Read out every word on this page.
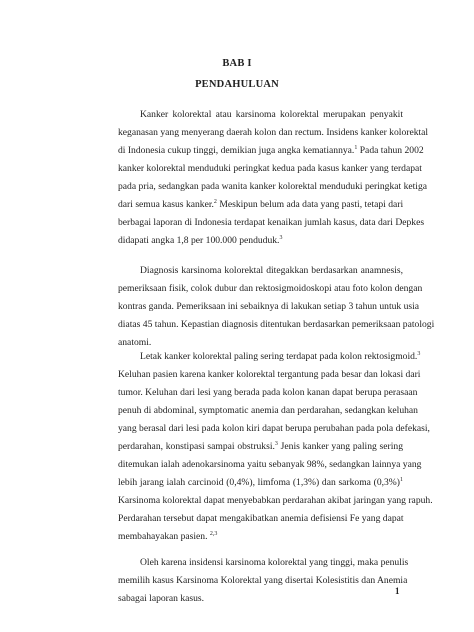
BAB I
PENDAHULUAN
Kanker kolorektal atau karsinoma kolorektal merupakan penyakit
keganasan yang menyerang daerah kolon dan rectum. Insidens kanker kolorektal
di Indonesia cukup tinggi, demikian juga angka kematiannya.$^1$ Pada tahun 2002
kanker kolorektal menduduki peringkat kedua pada kasus kanker yang terdapat
pada pria, sedangkan pada wanita kanker kolorektal menduduki peringkat ketiga
dari semua kasus kanker.$^2$ Meskipun belum ada data yang pasti, tetapi dari
berbagai laporan di Indonesia terdapat kenaikan jumlah kasus, data dari Depkes
didapati angka 1,8 per 100.000 penduduk.$^3$
Diagnosis karsinoma kolorektal ditegakkan berdasarkan anamnesis,
pemeriksaan fisik, colok dubur dan rektosigmoidoskopi atau foto kolon dengan
kontras ganda. Pemeriksaan ini sebaiknya di lakukan setiap 3 tahun untuk usia
diatas 45 tahun. Kepastian diagnosis ditentukan berdasarkan pemeriksaan patologi
anatomi.
Letak kanker kolorektal paling sering terdapat pada kolon rektosigmoid.$^3$
Keluhan pasien karena kanker kolorektal tergantung pada besar dan lokasi dari
tumor. Keluhan dari lesi yang berada pada kolon kanan dapat berupa perasaan
penuh di abdominal, symptomatic anemia dan perdarahan, sedangkan keluhan
yang berasal dari lesi pada kolon kiri dapat berupa perubahan pada pola defekasi,
perdarahan, konstipasi sampai obstruksi.$^3$ Jenis kanker yang paling sering
ditemukan ialah adenokarsinoma yaitu sebanyak 98%, sedangkan lainnya yang
lebih jarang ialah carcinoid (0,4%), limfoma (1,3%) dan sarkoma $(0,3\%)^1$
Karsinoma kolorektal dapat menyebabkan perdarahan akibat jaringan yang rapuh.
Perdarahan tersebut dapat mengakibatkan anemia defisiensi Fe yang dapat
membahayakan pasien. $^{2,3}$
Oleh karena insidensi karsinoma kolorektal yang tinggi, maka penulis
memilih kasus Karsinoma Kolorektal yang disertai Kolesistitis dan Anemia
sabagai laporan kasus.
1
